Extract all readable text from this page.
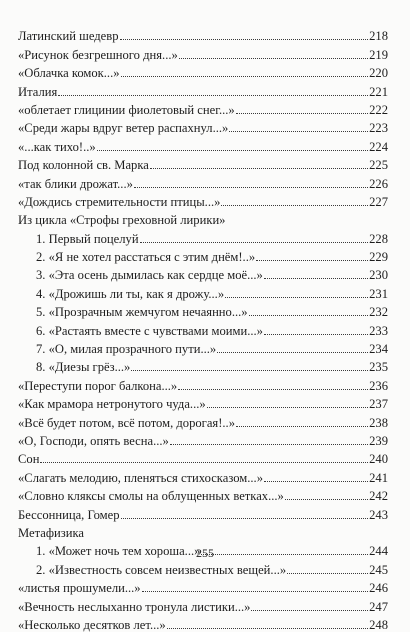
Латинский шедевр	218
«Рисунок безгрешного дня...»	219
«Облачка комок...»	220
Италия	221
«облетает глицинии фиолетовый снег...»	222
«Среди жары вдруг ветер распахнул...»	223
«...как тихо!..»	224
Под колонной св. Марка	225
«так блики дрожат...»	226
«Дождись стремительности птицы...»	227
Из цикла «Строфы греховной лирики»
1. Первый поцелуй	228
2. «Я не хотел расстаться с этим днём!..»	229
3. «Эта осень дымилась как сердце моё...»	230
4. «Дрожишь ли ты, как я дрожу...»	231
5. «Прозрачным жемчугом нечаянно...»	232
6. «Растаять вместе с чувствами моими...»	233
7. «О, милая прозрачного пути...»	234
8. «Диезы грёз...»	235
«Переступи порог балкона...»	236
«Как мрамора нетронутого чуда...»	237
«Всё будет потом, всё потом, дорогая!..»	238
«О, Господи, опять весна...»	239
Сон	240
«Слагать мелодию, пленяться стихосказом...»	241
«Словно кляксы смолы на облущенных ветках...»	242
Бессонница, Гомер	243
Метафизика
1. «Может ночь тем хороша...»	244
2. «Известность совсем неизвестных вещей...»	245
«листья прошумели...»	246
«Вечность неслыханно тронула листики...»	247
«Несколько десятков лет...»	248
255
